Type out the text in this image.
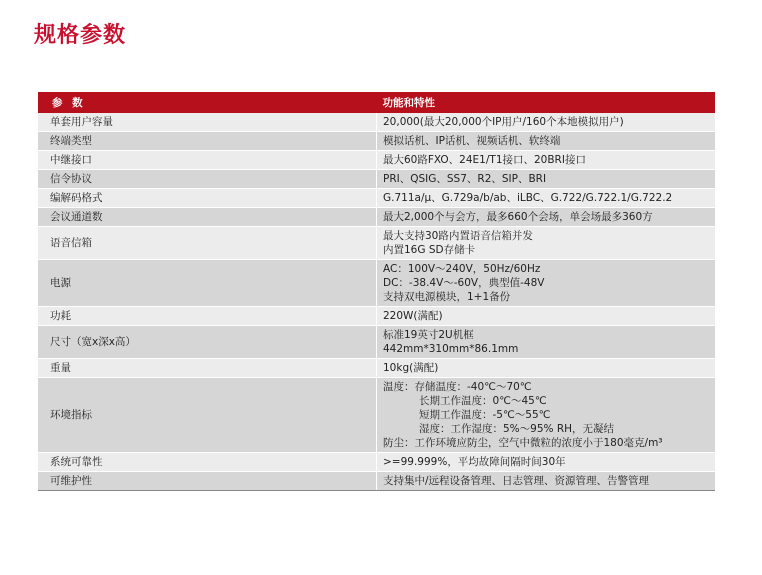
规格参数
参 数	功能和特性
单套用户容量	20,000(最大20,000个IP用户/160个本地模拟用户)

终端类型	模拟话机、IP话机、视频话机、软终端

中继接口	最大60路FXO、24E1/T1接口、20BRI接口

信令协议	PRI、QSIG、SS7、R2、SIP、BRI

编解码格式	G.711a/μ、G.729a/b/ab、iLBC、G.722/G.722.1/G.722.2

会议通道数	最大2,000个与会方，最多660个会场，单会场最多360方

语音信箱	最大支持30路内置语音信箱并发
内置16G SD存储卡

电源	AC：100V～240V，50Hz/60Hz
DC：-38.4V～-60V，典型值-48V
支持双电源模块，1+1备份

功耗	220W(满配)

尺寸（宽x深x高）	标准19英寸2U机框
442mm*310mm*86.1mm

重量	10kg(满配)

环境指标	温度：存储温度：-40℃～70℃
长期工作温度：0℃～45℃
短期工作温度：-5℃～55℃
湿度：工作湿度：5%～95% RH，无凝结
防尘：工作环境应防尘，空气中微粒的浓度小于180毫克/m³

系统可靠性	>=99.999%，平均故障间隔时间30年

可维护性	支持集中/远程设备管理、日志管理、资源管理、告警管理
